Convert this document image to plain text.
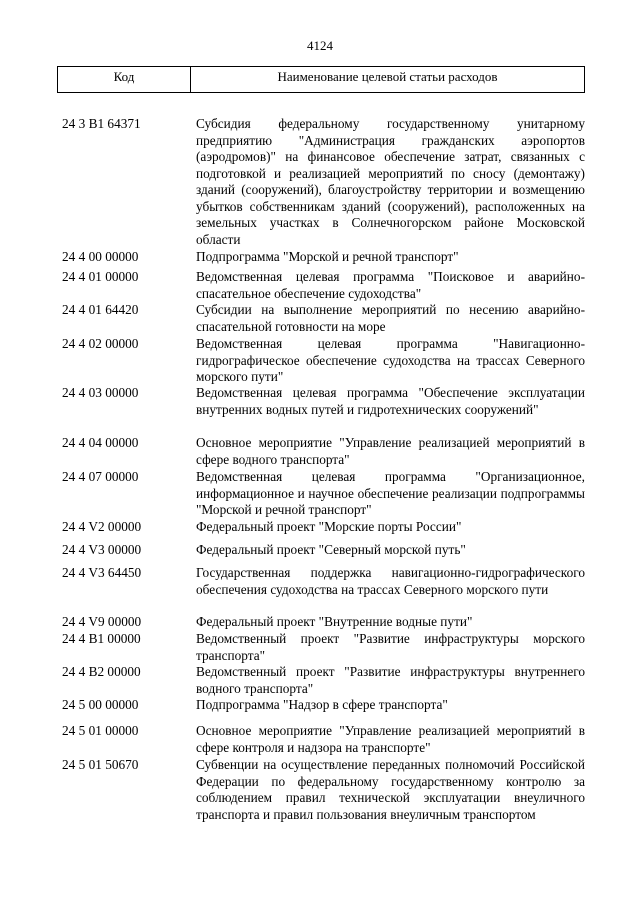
4124
Код	Наименование целевой статьи расходов
24 3 В1 64371	Субсидия федеральному государственному унитарному предприятию "Администрация гражданских аэропортов (аэродромов)" на финансовое обеспечение затрат, связанных с подготовкой и реализацией мероприятий по сносу (демонтажу) зданий (сооружений), благоустройству территории и возмещению убытков собственникам зданий (сооружений), расположенных на земельных участках в Солнечногорском районе Московской области
24 4 00 00000	Подпрограмма "Морской и речной транспорт"
24 4 01 00000	Ведомственная целевая программа "Поисковое и аварийно-спасательное обеспечение судоходства"
24 4 01 64420	Субсидии на выполнение мероприятий по несению аварийно-спасательной готовности на море
24 4 02 00000	Ведомственная целевая программа "Навигационно-гидрографическое обеспечение судоходства на трассах Северного морского пути"
24 4 03 00000	Ведомственная целевая программа "Обеспечение эксплуатации внутренних водных путей и гидротехнических сооружений"
24 4 04 00000	Основное мероприятие "Управление реализацией мероприятий в сфере водного транспорта"
24 4 07 00000	Ведомственная целевая программа "Организационное, информационное и научное обеспечение реализации подпрограммы "Морской и речной транспорт"
24 4 V2 00000	Федеральный проект "Морские порты России"
24 4 V3 00000	Федеральный проект "Северный морской путь"
24 4 V3 64450	Государственная поддержка навигационно-гидрографического обеспечения судоходства на трассах Северного морского пути
24 4 V9 00000	Федеральный проект "Внутренние водные пути"
24 4 В1 00000	Ведомственный проект "Развитие инфраструктуры морского транспорта"
24 4 В2 00000	Ведомственный проект "Развитие инфраструктуры внутреннего водного транспорта"
24 5 00 00000	Подпрограмма "Надзор в сфере транспорта"
24 5 01 00000	Основное мероприятие "Управление реализацией мероприятий в сфере контроля и надзора на транспорте"
24 5 01 50670	Субвенции на осуществление переданных полномочий Российской Федерации по федеральному государственному контролю за соблюдением правил технической эксплуатации внеуличного транспорта и правил пользования внеуличным транспортом
